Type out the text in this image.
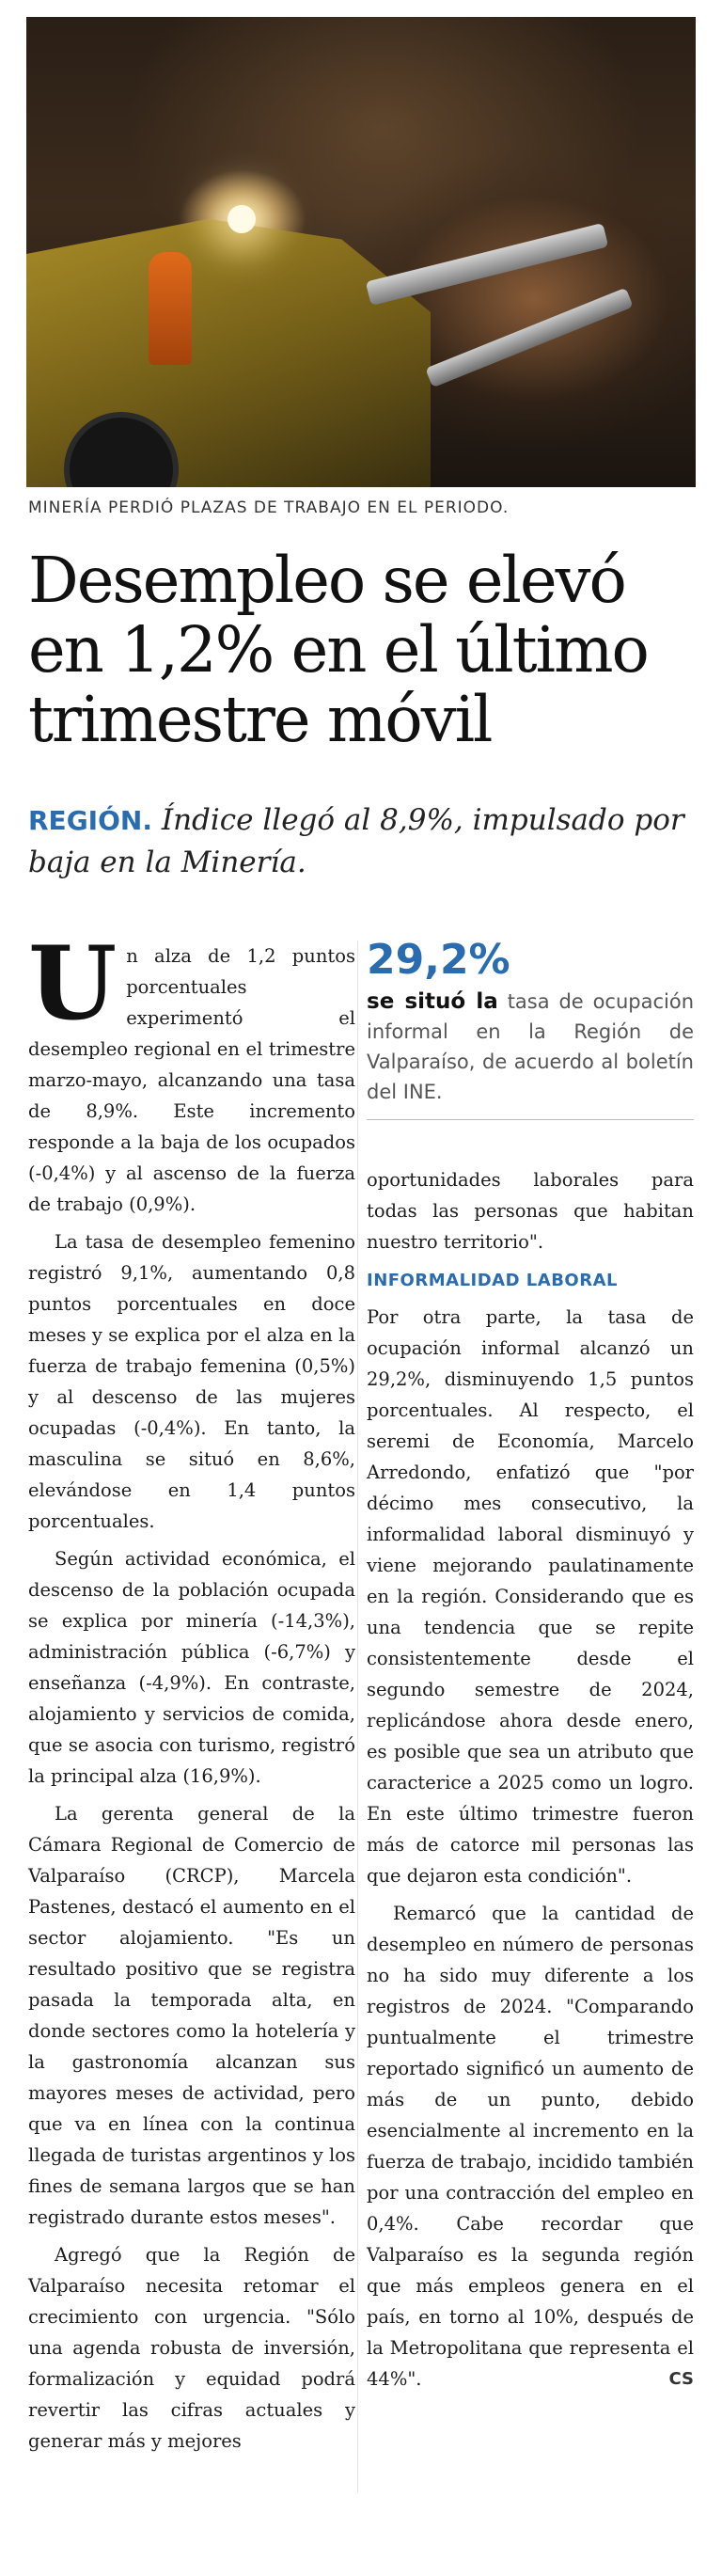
MINERÍA PERDIÓ PLAZAS DE TRABAJO EN EL PERIODO.
Desempleo se elevó en 1,2% en el último trimestre móvil

REGIÓN. Índice llegó al 8,9%, impulsado por baja en la Minería.

Un alza de 1,2 puntos porcentuales experimentó el desempleo regional en el trimestre marzo-mayo, alcanzando una tasa de 8,9%. Este incremento responde a la baja de los ocupados (-0,4%) y al ascenso de la fuerza de trabajo (0,9%).

La tasa de desempleo femenino registró 9,1%, aumentando 0,8 puntos porcentuales en doce meses y se explica por el alza en la fuerza de trabajo femenina (0,5%) y al descenso de las mujeres ocupadas (-0,4%). En tanto, la masculina se situó en 8,6%, elevándose en 1,4 puntos porcentuales.

Según actividad económica, el descenso de la población ocupada se explica por minería (-14,3%), administración pública (-6,7%) y enseñanza (-4,9%). En contraste, alojamiento y servicios de comida, que se asocia con turismo, registró la principal alza (16,9%).

La gerenta general de la Cámara Regional de Comercio de Valparaíso (CRCP), Marcela Pastenes, destacó el aumento en el sector alojamiento. "Es un resultado positivo que se registra pasada la temporada alta, en donde sectores como la hotelería y la gastronomía alcanzan sus mayores meses de actividad, pero que va en línea con la continua llegada de turistas argentinos y los fines de semana largos que se han registrado durante estos meses".

Agregó que la Región de Valparaíso necesita retomar el crecimiento con urgencia. "Sólo una agenda robusta de inversión, formalización y equidad podrá revertir las cifras actuales y generar más y mejores

29,2%

se situó la tasa de ocupación informal en la Región de Valparaíso, de acuerdo al boletín del INE.

oportunidades laborales para todas las personas que habitan nuestro territorio".

INFORMALIDAD LABORAL

Por otra parte, la tasa de ocupación informal alcanzó un 29,2%, disminuyendo 1,5 puntos porcentuales. Al respecto, el seremi de Economía, Marcelo Arredondo, enfatizó que "por décimo mes consecutivo, la informalidad laboral disminuyó y viene mejorando paulatinamente en la región. Considerando que es una tendencia que se repite consistentemente desde el segundo semestre de 2024, replicándose ahora desde enero, es posible que sea un atributo que caracterice a 2025 como un logro. En este último trimestre fueron más de catorce mil personas las que dejaron esta condición".

Remarcó que la cantidad de desempleo en número de personas no ha sido muy diferente a los registros de 2024. "Comparando puntualmente el trimestre reportado significó un aumento de más de un punto, debido esencialmente al incremento en la fuerza de trabajo, incidido también por una contracción del empleo en 0,4%. Cabe recordar que Valparaíso es la segunda región que más empleos genera en el país, en torno al 10%, después de la Metropolitana que representa el 44%".	CS
